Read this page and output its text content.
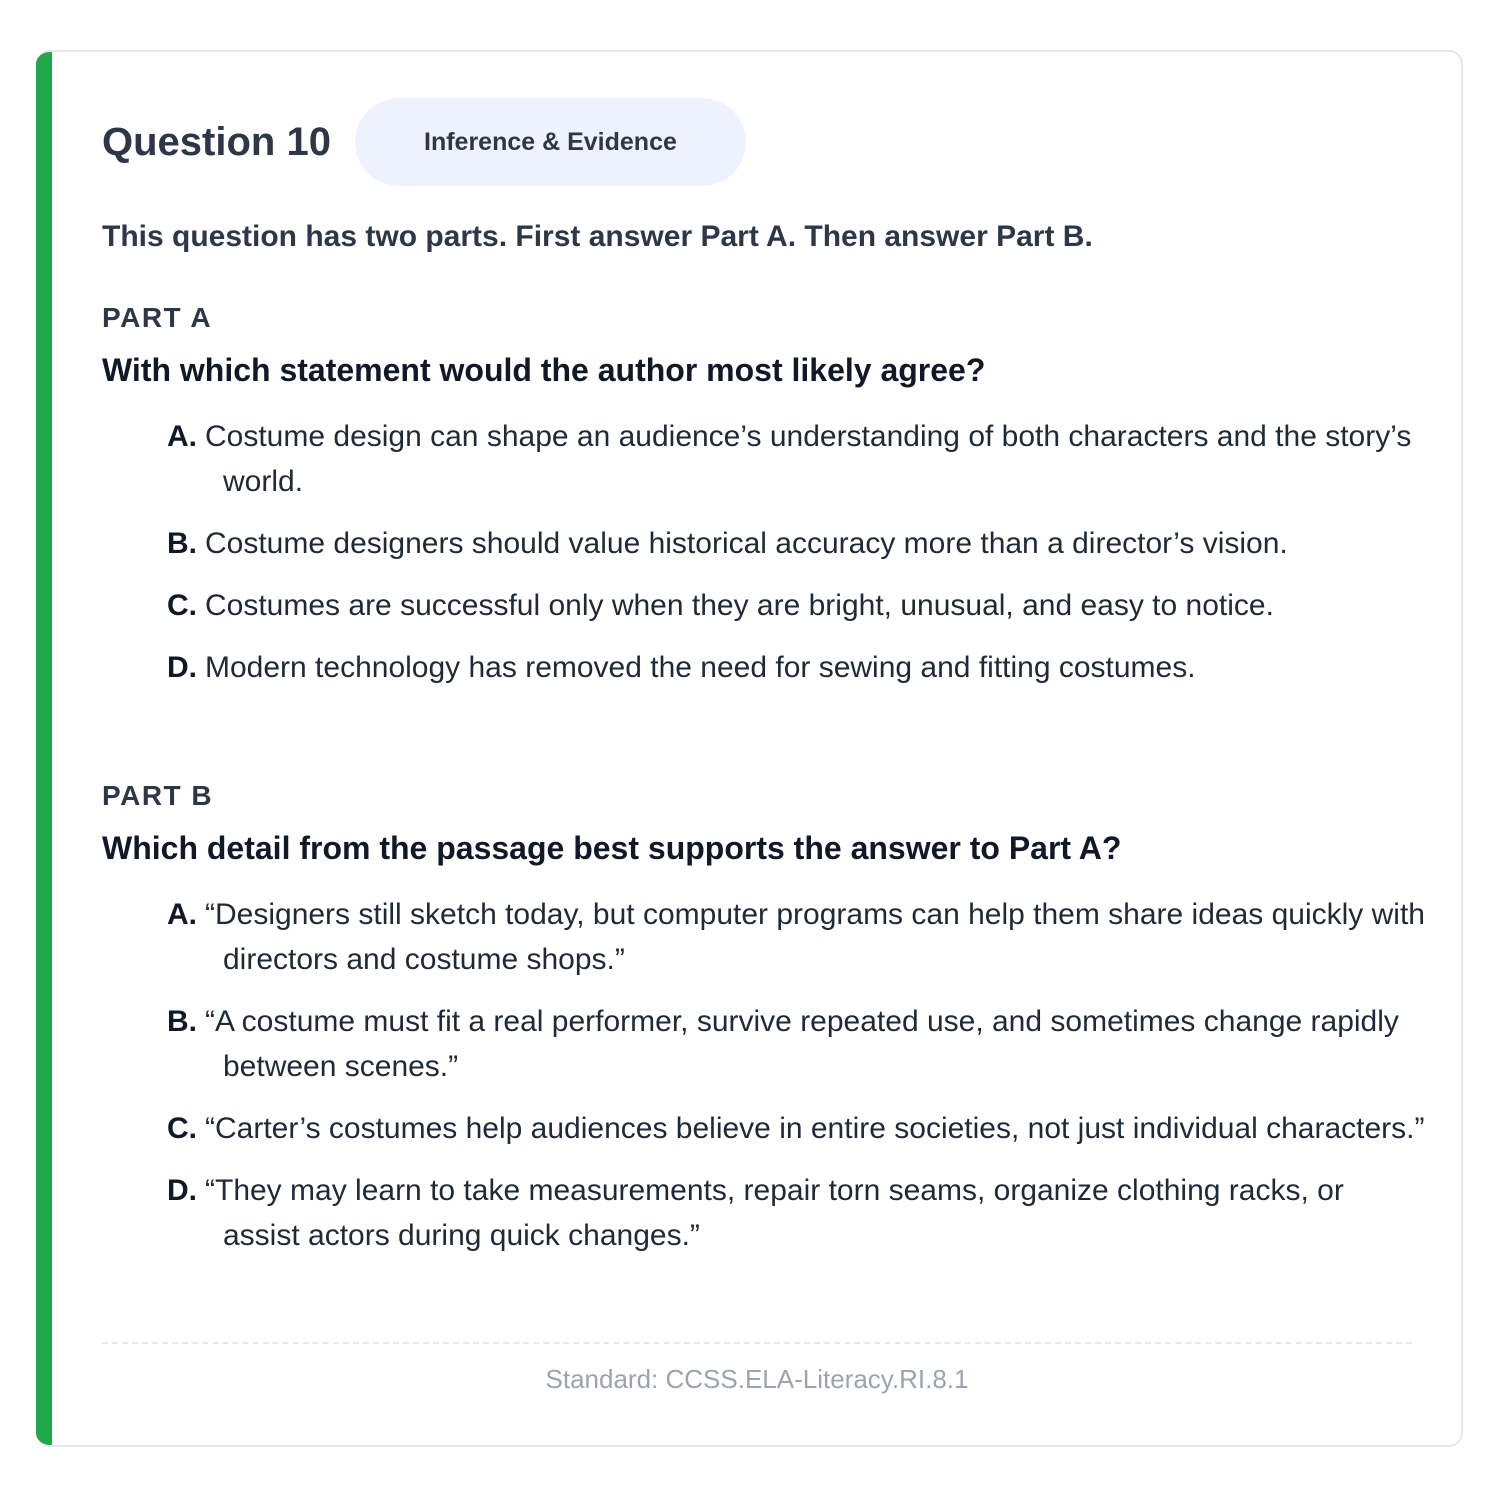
Question 10	Inference & Evidence
This question has two parts. First answer Part A. Then answer Part B.
PART A
With which statement would the author most likely agree?
A. Costume design can shape an audience’s understanding of both characters and the story’s world.
B. Costume designers should value historical accuracy more than a director’s vision.
C. Costumes are successful only when they are bright, unusual, and easy to notice.
D. Modern technology has removed the need for sewing and fitting costumes.
PART B
Which detail from the passage best supports the answer to Part A?
A. “Designers still sketch today, but computer programs can help them share ideas quickly with directors and costume shops.”
B. “A costume must fit a real performer, survive repeated use, and sometimes change rapidly between scenes.”
C. “Carter’s costumes help audiences believe in entire societies, not just individual characters.”
D. “They may learn to take measurements, repair torn seams, organize clothing racks, or assist actors during quick changes.”
Standard: CCSS.ELA-Literacy.RI.8.1
